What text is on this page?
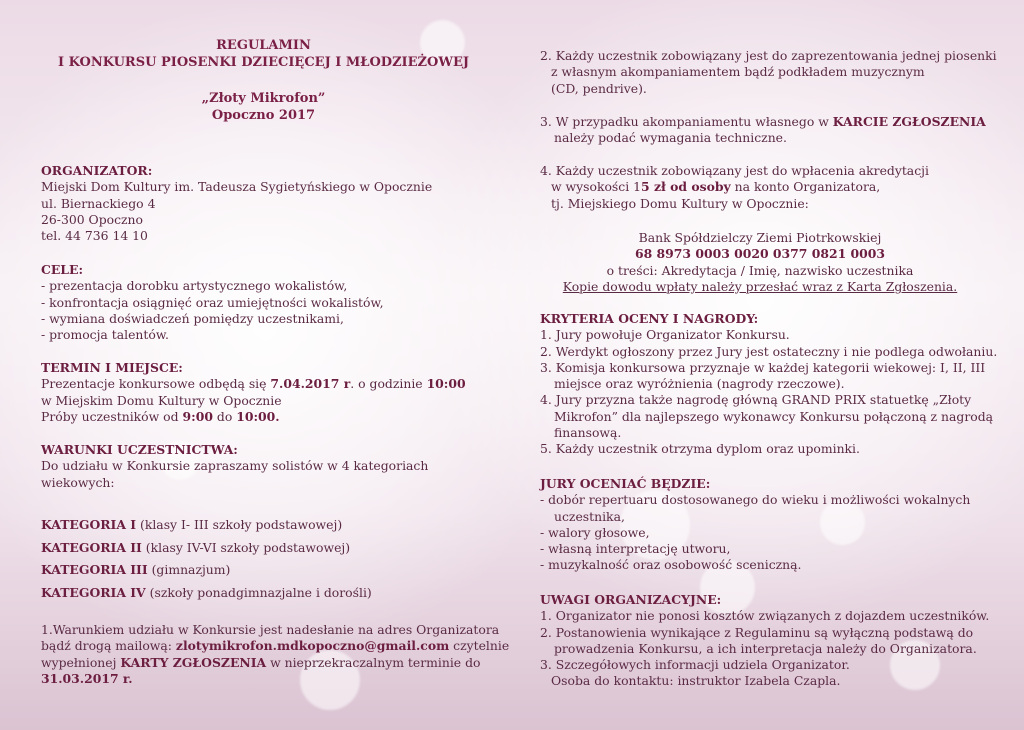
REGULAMIN
I KONKURSU PIOSENKI DZIECIĘCEJ I MŁODZIEŻOWEJ
„Złoty Mikrofon”
Opoczno 2017
ORGANIZATOR:
Miejski Dom Kultury im. Tadeusza Sygietyńskiego w Opocznie
ul. Biernackiego 4
26-300 Opoczno
tel. 44 736 14 10
CELE:
- prezentacja dorobku artystycznego wokalistów,
- konfrontacja osiągnięć oraz umiejętności wokalistów,
- wymiana doświadczeń pomiędzy uczestnikami,
- promocja talentów.
TERMIN I MIEJSCE:
Prezentacje konkursowe odbędą się 7.04.2017 r. o godzinie 10:00
w Miejskim Domu Kultury w Opocznie
Próby uczestników od 9:00 do 10:00.
WARUNKI UCZESTNICTWA:
Do udziału w Konkursie zapraszamy solistów w 4 kategoriach
wiekowych:
KATEGORIA I (klasy I- III szkoły podstawowej)
KATEGORIA II (klasy IV-VI szkoły podstawowej)
KATEGORIA III (gimnazjum)
KATEGORIA IV (szkoły ponadgimnazjalne i dorośli)
1.Warunkiem udziału w Konkursie jest nadesłanie na adres Organizatora
bądź drogą mailową: zlotymikrofon.mdkopoczno@gmail.com czytelnie
wypełnionej KARTY ZGŁOSZENIA w nieprzekraczalnym terminie do
31.03.2017 r.
2. Każdy uczestnik zobowiązany jest do zaprezentowania jednej piosenki
z własnym akompaniamentem bądź podkładem muzycznym
(CD, pendrive).
3. W przypadku akompaniamentu własnego w KARCIE ZGŁOSZENIA
należy podać wymagania techniczne.
4. Każdy uczestnik zobowiązany jest do wpłacenia akredytacji
w wysokości 15 zł od osoby na konto Organizatora,
tj. Miejskiego Domu Kultury w Opocznie:
Bank Spółdzielczy Ziemi Piotrkowskiej
68 8973 0003 0020 0377 0821 0003
o treści: Akredytacja / Imię, nazwisko uczestnika
Kopie dowodu wpłaty należy przesłać wraz z Karta Zgłoszenia.
KRYTERIA OCENY I NAGRODY:
1. Jury powołuje Organizator Konkursu.
2. Werdykt ogłoszony przez Jury jest ostateczny i nie podlega odwołaniu.
3. Komisja konkursowa przyznaje w każdej kategorii wiekowej: I, II, III
miejsce oraz wyróżnienia (nagrody rzeczowe).
4. Jury przyzna także nagrodę główną GRAND PRIX statuetkę „Złoty
Mikrofon” dla najlepszego wykonawcy Konkursu połączoną z nagrodą
finansową.
5. Każdy uczestnik otrzyma dyplom oraz upominki.
JURY OCENIAĆ BĘDZIE:
- dobór repertuaru dostosowanego do wieku i możliwości wokalnych
uczestnika,
- walory głosowe,
- własną interpretację utworu,
- muzykalność oraz osobowość sceniczną.
UWAGI ORGANIZACYJNE:
1. Organizator nie ponosi kosztów związanych z dojazdem uczestników.
2. Postanowienia wynikające z Regulaminu są wyłączną podstawą do
prowadzenia Konkursu, a ich interpretacja należy do Organizatora.
3. Szczegółowych informacji udziela Organizator.
Osoba do kontaktu: instruktor Izabela Czapla.
